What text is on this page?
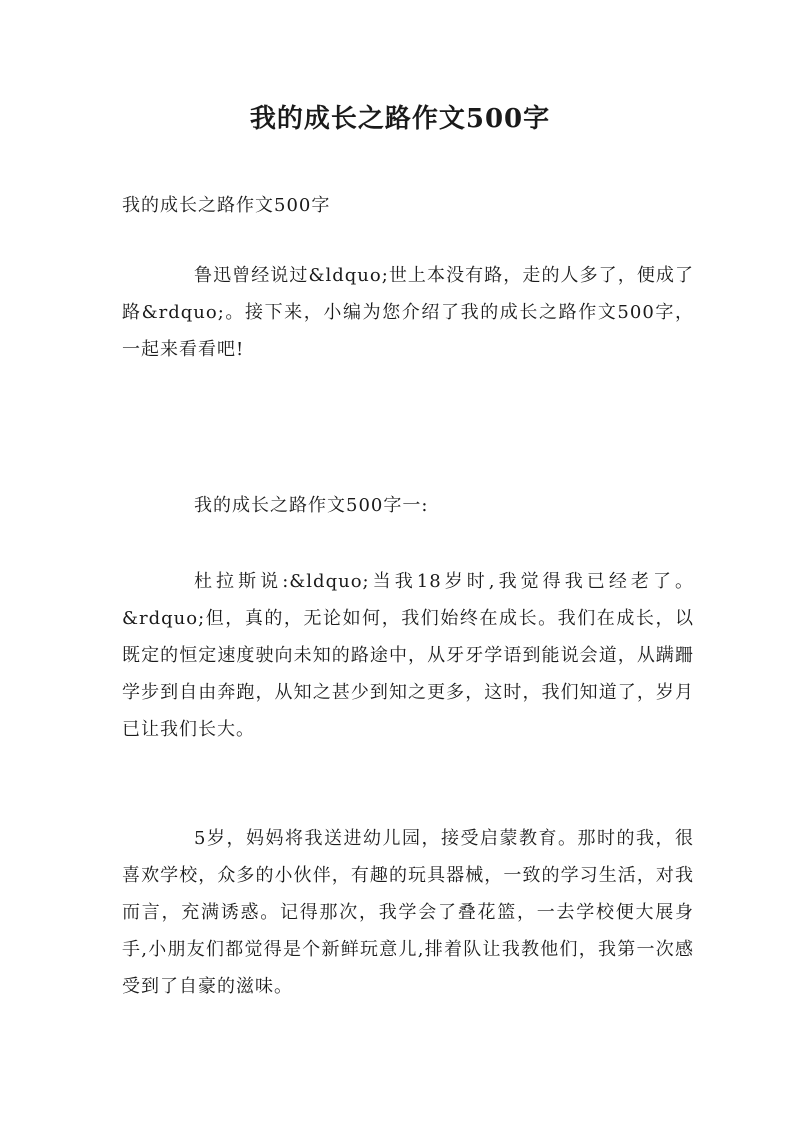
我的成长之路作文500字
我的成长之路作文500字

鲁迅曾经说过&ldquo;世上本没有路，走的人多了，便成了路&rdquo;。接下来，小编为您介绍了我的成长之路作文500字，一起来看看吧!

我的成长之路作文500字一:

杜拉斯说:&ldquo;当我18岁时,我觉得我已经老了。&rdquo;但，真的，无论如何，我们始终在成长。我们在成长，以既定的恒定速度驶向未知的路途中，从牙牙学语到能说会道，从蹒跚学步到自由奔跑，从知之甚少到知之更多，这时，我们知道了，岁月已让我们长大。

5岁，妈妈将我送进幼儿园，接受启蒙教育。那时的我，很喜欢学校，众多的小伙伴，有趣的玩具器械，一致的学习生活，对我而言，充满诱惑。记得那次，我学会了叠花篮，一去学校便大展身手,小朋友们都觉得是个新鲜玩意儿,排着队让我教他们，我第一次感受到了自豪的滋味。
